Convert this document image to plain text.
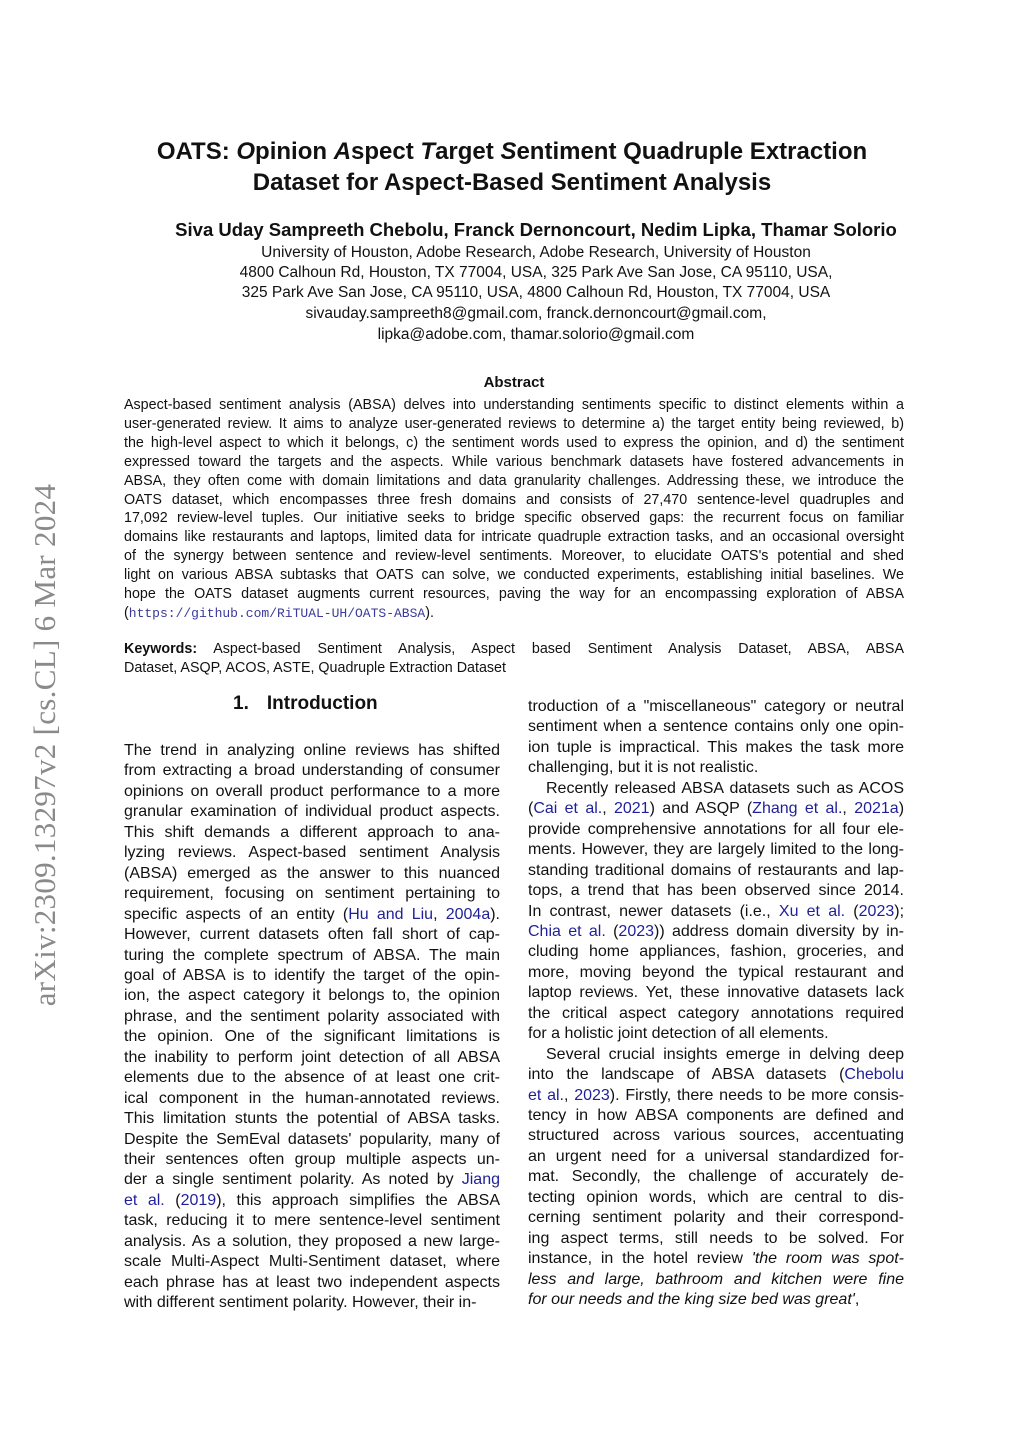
arXiv:2309.13297v2 [cs.CL] 6 Mar 2024
OATS: Opinion Aspect Target Sentiment Quadruple Extraction
Dataset for Aspect-Based Sentiment Analysis
Siva Uday Sampreeth Chebolu, Franck Dernoncourt, Nedim Lipka, Thamar Solorio
University of Houston, Adobe Research, Adobe Research, University of Houston
4800 Calhoun Rd, Houston, TX 77004, USA, 325 Park Ave San Jose, CA 95110, USA,
325 Park Ave San Jose, CA 95110, USA, 4800 Calhoun Rd, Houston, TX 77004, USA
sivauday.sampreeth8@gmail.com, franck.dernoncourt@gmail.com,
lipka@adobe.com, thamar.solorio@gmail.com
Abstract
Aspect-based sentiment analysis (ABSA) delves into understanding sentiments specific to distinct elements within a
user-generated review. It aims to analyze user-generated reviews to determine a) the target entity being reviewed, b)
the high-level aspect to which it belongs, c) the sentiment words used to express the opinion, and d) the sentiment
expressed toward the targets and the aspects. While various benchmark datasets have fostered advancements in
ABSA, they often come with domain limitations and data granularity challenges. Addressing these, we introduce the
OATS dataset, which encompasses three fresh domains and consists of 27,470 sentence-level quadruples and
17,092 review-level tuples. Our initiative seeks to bridge specific observed gaps: the recurrent focus on familiar
domains like restaurants and laptops, limited data for intricate quadruple extraction tasks, and an occasional oversight
of the synergy between sentence and review-level sentiments. Moreover, to elucidate OATS's potential and shed
light on various ABSA subtasks that OATS can solve, we conducted experiments, establishing initial baselines. We
hope the OATS dataset augments current resources, paving the way for an encompassing exploration of ABSA
(https://github.com/RiTUAL-UH/OATS-ABSA).
Keywords: Aspect-based Sentiment Analysis, Aspect based Sentiment Analysis Dataset, ABSA, ABSA
Dataset, ASQP, ACOS, ASTE, Quadruple Extraction Dataset
1. Introduction
The trend in analyzing online reviews has shifted
from extracting a broad understanding of consumer
opinions on overall product performance to a more
granular examination of individual product aspects.
This shift demands a different approach to ana-
lyzing reviews. Aspect-based sentiment Analysis
(ABSA) emerged as the answer to this nuanced
requirement, focusing on sentiment pertaining to
specific aspects of an entity (Hu and Liu, 2004a).
However, current datasets often fall short of cap-
turing the complete spectrum of ABSA. The main
goal of ABSA is to identify the target of the opin-
ion, the aspect category it belongs to, the opinion
phrase, and the sentiment polarity associated with
the opinion. One of the significant limitations is
the inability to perform joint detection of all ABSA
elements due to the absence of at least one crit-
ical component in the human-annotated reviews.
This limitation stunts the potential of ABSA tasks.
Despite the SemEval datasets' popularity, many of
their sentences often group multiple aspects un-
der a single sentiment polarity. As noted by Jiang
et al. (2019), this approach simplifies the ABSA
task, reducing it to mere sentence-level sentiment
analysis. As a solution, they proposed a new large-
scale Multi-Aspect Multi-Sentiment dataset, where
each phrase has at least two independent aspects
with different sentiment polarity. However, their in-
troduction of a "miscellaneous" category or neutral
sentiment when a sentence contains only one opin-
ion tuple is impractical. This makes the task more
challenging, but it is not realistic.
Recently released ABSA datasets such as ACOS
(Cai et al., 2021) and ASQP (Zhang et al., 2021a)
provide comprehensive annotations for all four ele-
ments. However, they are largely limited to the long-
standing traditional domains of restaurants and lap-
tops, a trend that has been observed since 2014.
In contrast, newer datasets (i.e., Xu et al. (2023);
Chia et al. (2023)) address domain diversity by in-
cluding home appliances, fashion, groceries, and
more, moving beyond the typical restaurant and
laptop reviews. Yet, these innovative datasets lack
the critical aspect category annotations required
for a holistic joint detection of all elements.
Several crucial insights emerge in delving deep
into the landscape of ABSA datasets (Chebolu
et al., 2023). Firstly, there needs to be more consis-
tency in how ABSA components are defined and
structured across various sources, accentuating
an urgent need for a universal standardized for-
mat. Secondly, the challenge of accurately de-
tecting opinion words, which are central to dis-
cerning sentiment polarity and their correspond-
ing aspect terms, still needs to be solved. For
instance, in the hotel review 'the room was spot-
less and large, bathroom and kitchen were fine
for our needs and the king size bed was great',
